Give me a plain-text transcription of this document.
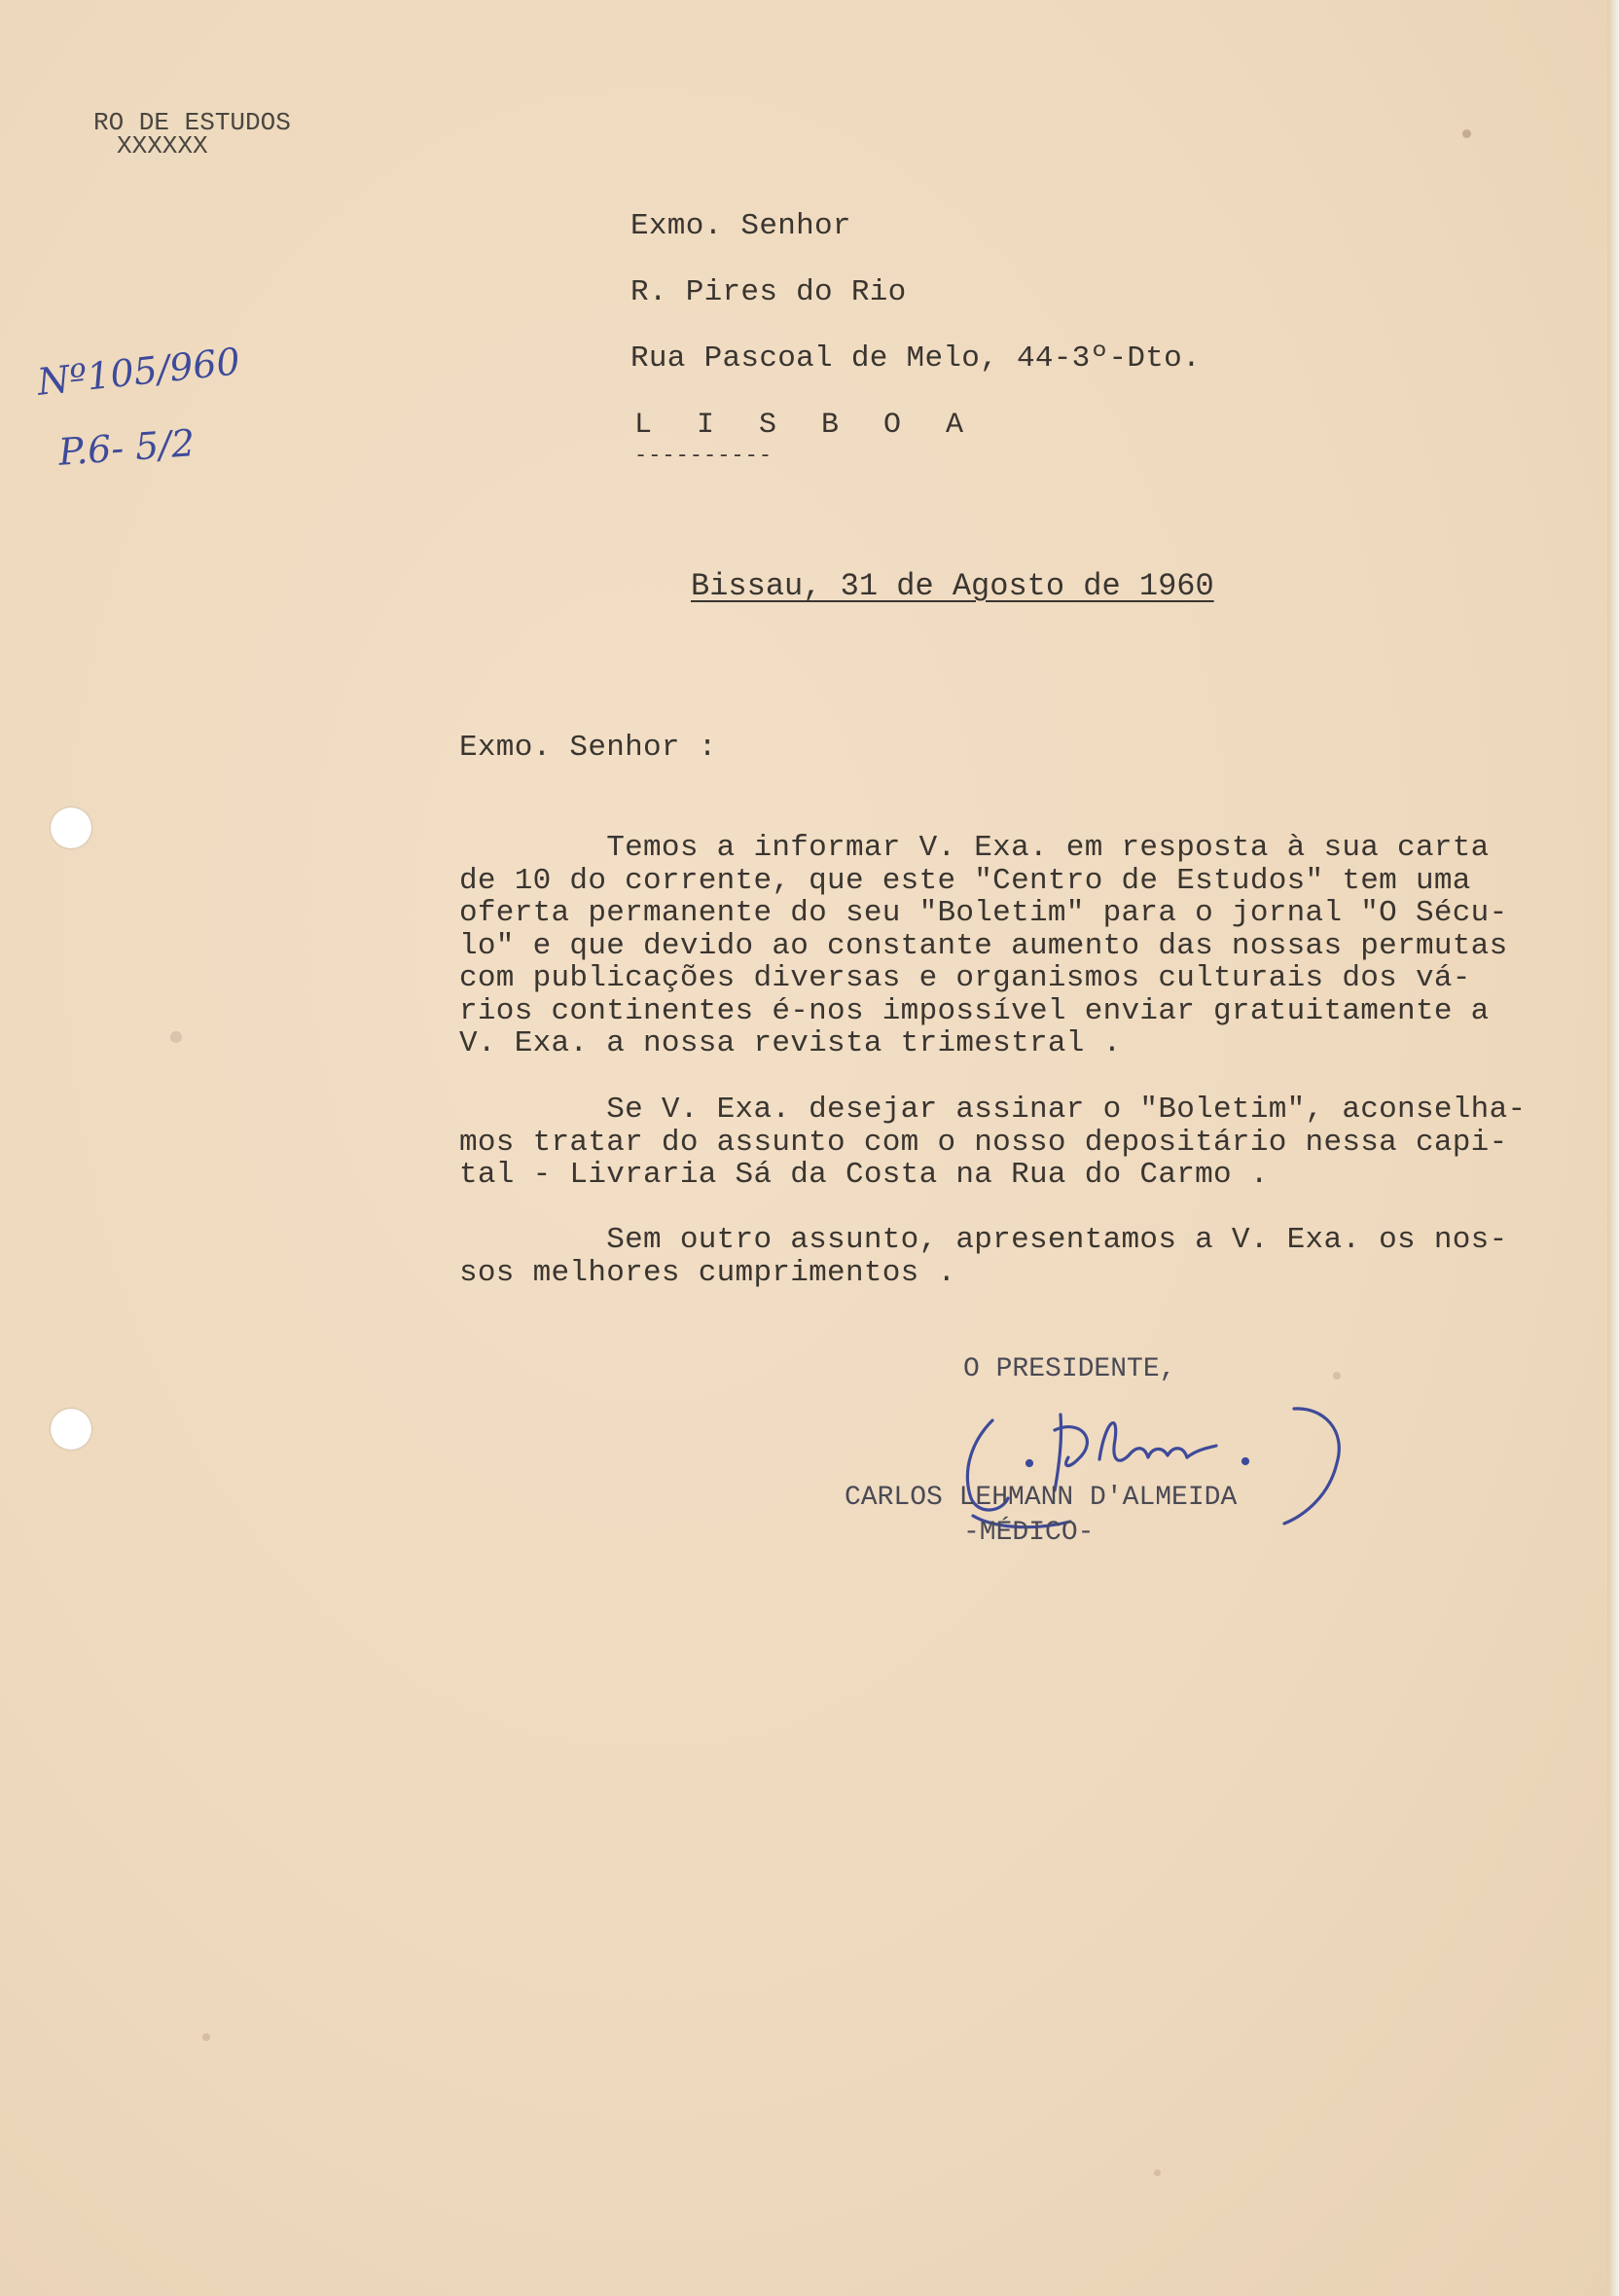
RO DE ESTUDOS
XXXXXX
Nº105/960
P.6- 5/2
Exmo. Senhor
R. Pires do Rio
Rua Pascoal de Melo, 44-3º-Dto.
L I S B O A
----------
Bissau, 31 de Agosto de 1960
Exmo. Senhor :
Temos a informar V. Exa. em resposta à sua carta
de 10 do corrente, que este "Centro de Estudos" tem uma
oferta permanente do seu "Boletim" para o jornal "O Sécu-
lo" e que devido ao constante aumento das nossas permutas
com publicações diversas e organismos culturais dos vá-
rios continentes é-nos impossível enviar gratuitamente a
V. Exa. a nossa revista trimestral .
Se V. Exa. desejar assinar o "Boletim", aconselha-
mos tratar do assunto com o nosso depositário nessa capi-
tal - Livraria Sá da Costa na Rua do Carmo .
Sem outro assunto, apresentamos a V. Exa. os nos-
sos melhores cumprimentos .
O PRESIDENTE,
CARLOS LEHMANN D'ALMEIDA
-MÉDICO-
